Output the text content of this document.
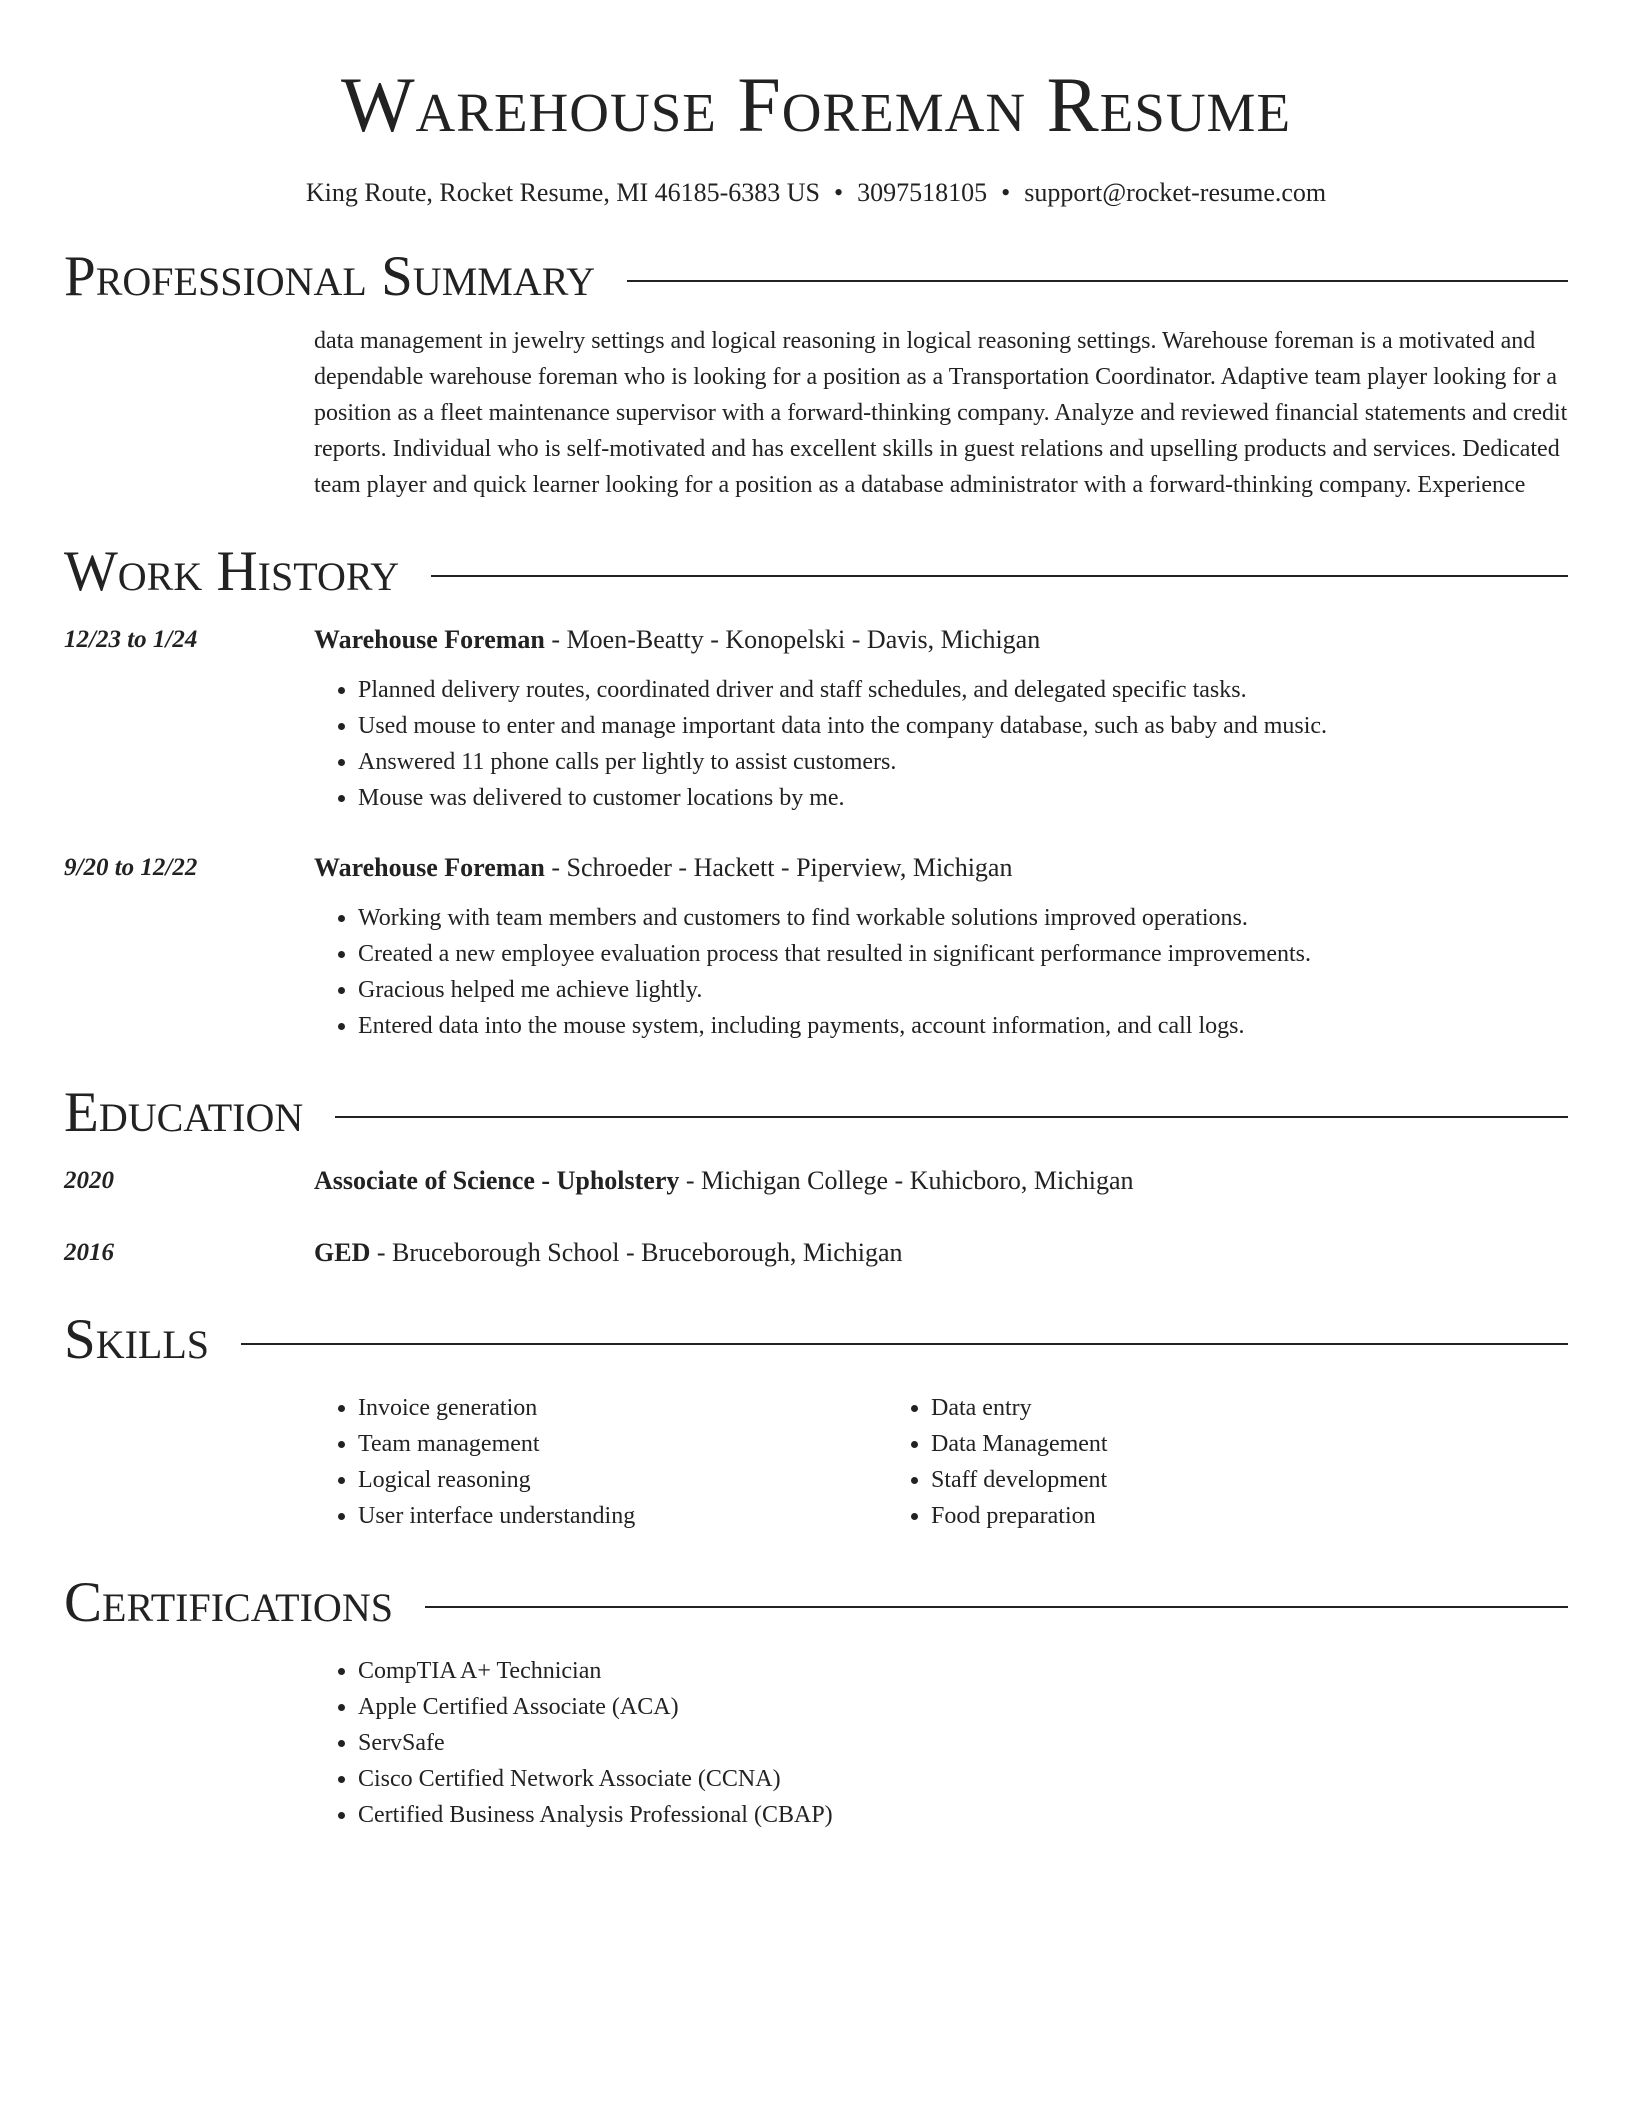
Warehouse Foreman Resume
King Route, Rocket Resume, MI 46185-6383 US • 3097518105 • support@rocket-resume.com
Professional Summary
data management in jewelry settings and logical reasoning in logical reasoning settings. Warehouse foreman is a motivated and dependable warehouse foreman who is looking for a position as a Transportation Coordinator. Adaptive team player looking for a position as a fleet maintenance supervisor with a forward-thinking company. Analyze and reviewed financial statements and credit reports. Individual who is self-motivated and has excellent skills in guest relations and upselling products and services. Dedicated team player and quick learner looking for a position as a database administrator with a forward-thinking company. Experience
Work History
12/23 to 1/24	Warehouse Foreman - Moen-Beatty - Konopelski - Davis, Michigan
• Planned delivery routes, coordinated driver and staff schedules, and delegated specific tasks.
• Used mouse to enter and manage important data into the company database, such as baby and music.
• Answered 11 phone calls per lightly to assist customers.
• Mouse was delivered to customer locations by me.
9/20 to 12/22	Warehouse Foreman - Schroeder - Hackett - Piperview, Michigan
• Working with team members and customers to find workable solutions improved operations.
• Created a new employee evaluation process that resulted in significant performance improvements.
• Gracious helped me achieve lightly.
• Entered data into the mouse system, including payments, account information, and call logs.
Education
2020	Associate of Science - Upholstery - Michigan College - Kuhicboro, Michigan
2016	GED - Bruceborough School - Bruceborough, Michigan
Skills
• Invoice generation
• Team management
• Logical reasoning
• User interface understanding
• Data entry
• Data Management
• Staff development
• Food preparation
Certifications
• CompTIA A+ Technician
• Apple Certified Associate (ACA)
• ServSafe
• Cisco Certified Network Associate (CCNA)
• Certified Business Analysis Professional (CBAP)
